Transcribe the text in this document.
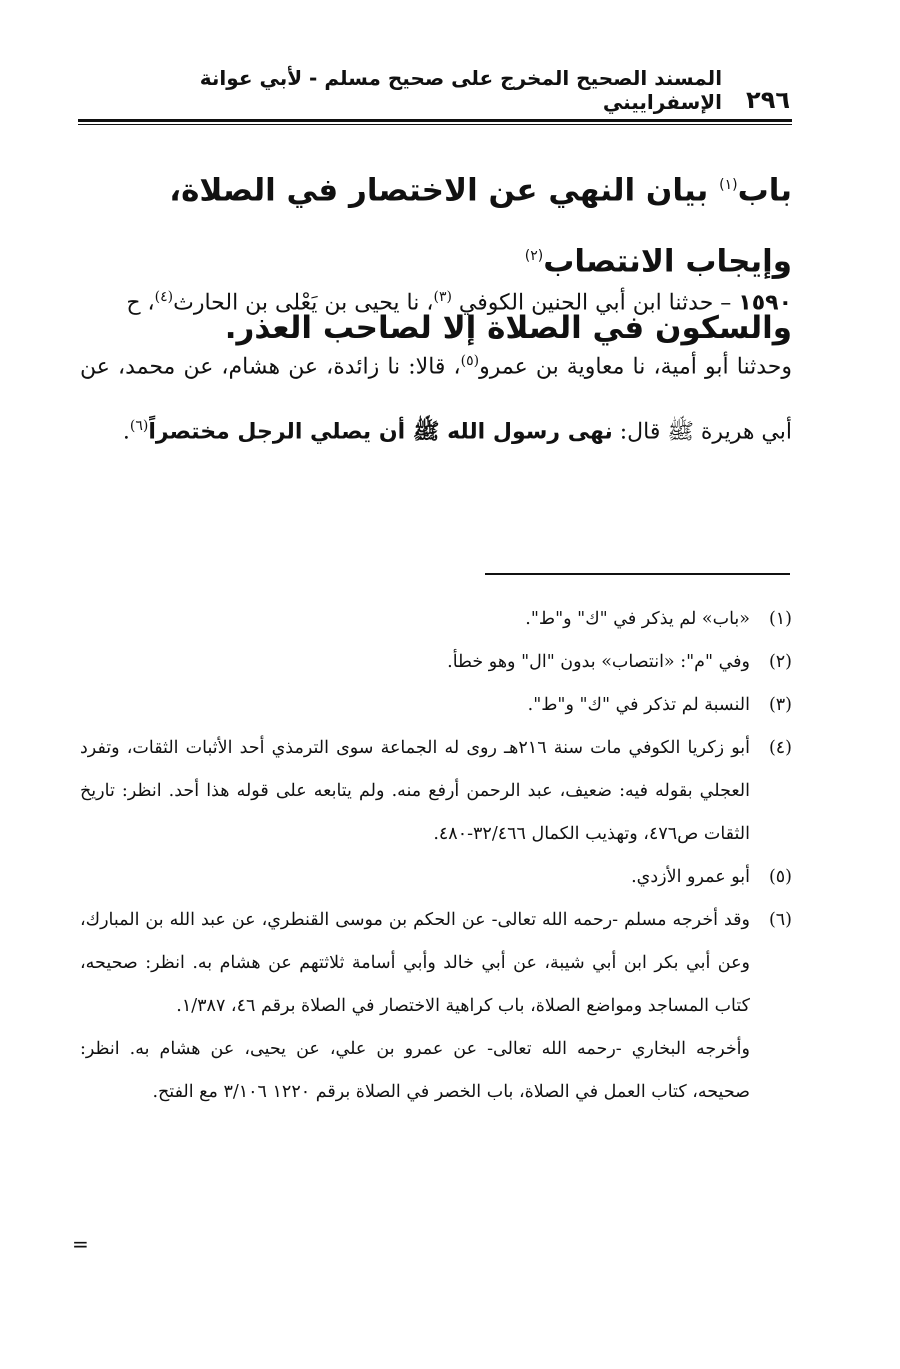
٢٩٦
المسند الصحيح المخرج على صحيح مسلم - لأبي عوانة الإسفراييني
باب$^{(١)}$ بيان النهي عن الاختصار في الصلاة، وإيجاب الانتصاب$^{(٢)}$
والسكون في الصلاة إلا لصاحب العذر.

١٥٩٠ – حدثنا ابن أبي الحنين الكوفي $^{(٣)}$، نا يحيى بن يَعْلى بن الحارث$^{(٤)}$، ح

وحدثنا أبو أمية، نا معاوية بن عمرو$^{(٥)}$، قالا: نا زائدة، عن هشام، عن محمد، عن أبي هريرة ﷺ قال: نهى رسول الله ﷺ أن يصلي الرجل مختصراً$^{(٦)}$.

(١)
«باب» لم يذكر في "ك" و"ط".
(٢)
وفي "م": «انتصاب» بدون "ال" وهو خطأ.
(٣)
النسبة لم تذكر في "ك" و"ط".
(٤)
أبو زكريا الكوفي مات سنة ٢١٦هـ روى له الجماعة سوى الترمذي أحد الأثبات الثقات، وتفرد العجلي بقوله فيه: ضعيف، عبد الرحمن أرفع منه. ولم يتابعه على قوله هذا أحد. انظر: تاريخ الثقات ص٤٧٦، وتهذيب الكمال ٣٢/٤٦٦-٤٨٠.
(٥)
أبو عمرو الأزدي.
(٦)
وقد أخرجه مسلم -رحمه الله تعالى- عن الحكم بن موسى القنطري، عن عبد الله بن المبارك، وعن أبي بكر ابن أبي شيبة، عن أبي خالد وأبي أسامة ثلاثتهم عن هشام به. انظر: صحيحه، كتاب المساجد ومواضع الصلاة، باب كراهية الاختصار في الصلاة برقم ٤٦، ١/٣٨٧.
وأخرجه البخاري -رحمه الله تعالى- عن عمرو بن علي، عن يحيى، عن هشام به. انظر: صحيحه، كتاب العمل في الصلاة، باب الخصر في الصلاة برقم ١٢٢٠ ٣/١٠٦ مع الفتح.
=
